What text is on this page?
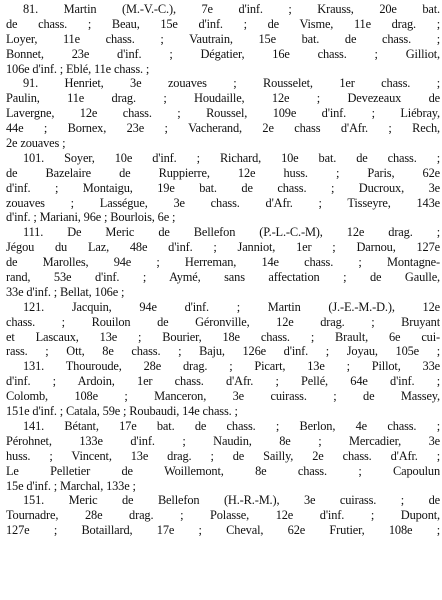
81. Martin (M.-V.-C.), 7e d'inf. ; Krauss, 20e bat.
de chass. ; Beau, 15e d'inf. ; de Visme, 11e drag. ;
Loyer, 11e chass. ; Vautrain, 15e bat. de chass. ;
Bonnet, 23e d'inf. ; Dégatier, 16e chass. ; Gilliot,
106e d'inf. ; Eblé, 11e chass. ;
91. Henriet, 3e zouaves ; Rousselet, 1er chass. ;
Paulin, 11e drag. ; Houdaille, 12e ; Devezeaux de
Lavergne, 12e chass. ; Roussel, 109e d'inf. ; Liébray,
44e ; Bornex, 23e ; Vacherand, 2e chass d'Afr. ; Rech,
2e zouaves ;
101. Soyer, 10e d'inf. ; Richard, 10e bat. de chass. ;
de Bazelaire de Ruppierre, 12e huss. ; Paris, 62e
d'inf. ; Montaigu, 19e bat. de chass. ; Ducroux, 3e
zouaves ; Lasségue, 3e chass. d'Afr. ; Tisseyre, 143e
d'inf. ; Mariani, 96e ; Bourlois, 6e ;
111. De Meric de Bellefon (P.-L.-C.-M), 12e drag. ;
Jégou du Laz, 48e d'inf. ; Janniot, 1er ; Darnou, 127e
de Marolles, 94e ; Herreman, 14e chass. ; Montagne-
rand, 53e d'inf. ; Aymé, sans affectation ; de Gaulle,
33e d'inf. ; Bellat, 106e ;
121. Jacquin, 94e d'inf. ; Martin (J.-E.-M.-D.), 12e
chass. ; Rouilon de Géronville, 12e drag. ; Bruyant
et Lascaux, 13e ; Bourier, 18e chass. ; Brault, 6e cui-
rass. ; Ott, 8e chass. ; Baju, 126e d'inf. ; Joyau, 105e ;
131. Thouroude, 28e drag. ; Picart, 13e ; Pillot, 33e
d'inf. ; Ardoin, 1er chass. d'Afr. ; Pellé, 64e d'inf. ;
Colomb, 108e ; Manceron, 3e cuirass. ; de Massey,
151e d'inf. ; Catala, 59e ; Roubaudi, 14e chass. ;
141. Bétant, 17e bat. de chass. ; Berlon, 4e chass. ;
Pérohnet, 133e d'inf. ; Naudin, 8e ; Mercadier, 3e
huss. ; Vincent, 13e drag. ; de Sailly, 2e chass. d'Afr. ;
Le Pelletier de Woillemont, 8e chass. ; Capoulun
15e d'inf. ; Marchal, 133e ;
151. Meric de Bellefon (H.-R.-M.), 3e cuirass. ; de
Tournadre, 28e drag. ; Polasse, 12e d'inf. ; Dupont,
127e ; Botaillard, 17e ; Cheval, 62e Frutier, 108e ;
